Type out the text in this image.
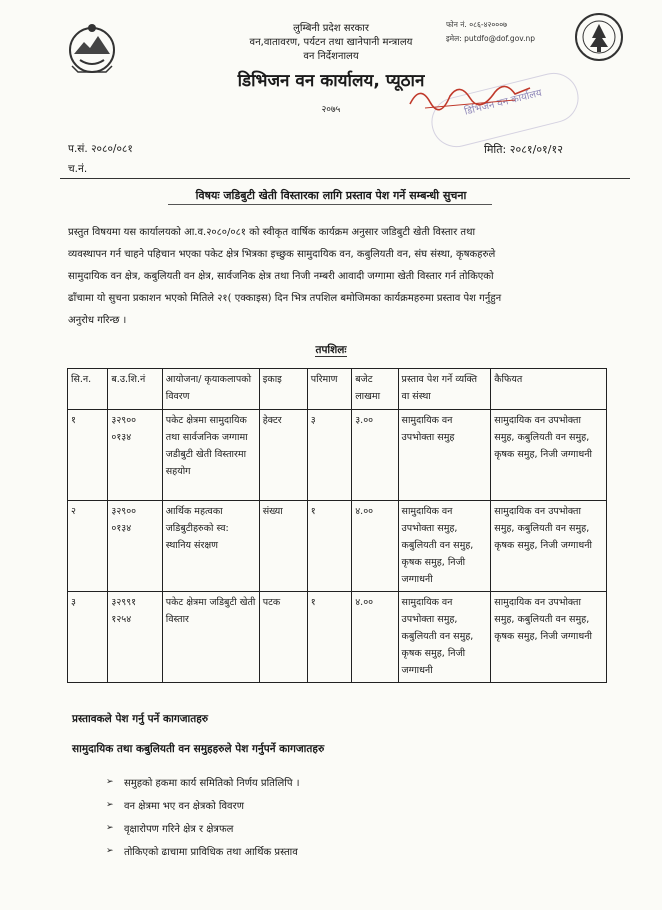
लुम्बिनी प्रदेश सरकार
वन,वातावरण, पर्यटन तथा खानेपानी मन्त्रालय
वन निर्देशनालय
डिभिजन वन कार्यालय, प्यूठान
२०७५
फोन नं. ०८६-४२०००७
इमेल: putdfo@dof.gov.np
डिभिजन वन कार्यालय
प.सं. २०८०/०८१
च.नं.
मिति: २०८१/०१/१२
विषयः जडिबुटी खेती विस्तारका लागि प्रस्ताव पेश गर्ने सम्बन्धी सुचना
प्रस्तुत विषयमा यस कार्यालयको आ.व.२०८०/०८१ को स्वीकृत वार्षिक कार्यक्रम अनुसार जडिबुटी खेती विस्तार तथा
व्यवस्थापन गर्न चाहने पहिचान भएका पकेट क्षेत्र भित्रका इच्छुक सामुदायिक वन, कबुलियती वन, संघ संस्था, कृषकहरुले
सामुदायिक वन क्षेत्र, कबुलियती वन क्षेत्र, सार्वजनिक क्षेत्र तथा निजी नम्बरी आवादी जग्गामा खेती विस्तार गर्न तोकिएको
ढाँचामा यो सुचना प्रकाशन भएको मितिले २१( एक्काइस) दिन भित्र तपशिल बमोजिमका कार्यक्रमहरुमा प्रस्ताव पेश गर्नुहुन
अनुरोध गरिन्छ ।
तपशिलः
सि.न.	ब.उ.शि.नं	आयोजना/ कृयाकलापको विवरण	इकाइ	परिमाण	बजेट लाखमा	प्रस्ताव पेश गर्ने व्यक्ति वा संस्था	कैफियत
१	३२९०० ०१३४	पकेट क्षेत्रमा सामुदायिक तथा सार्वजनिक जग्गामा जडीबुटी खेती विस्तारमा सहयोग	हेक्टर	३	३.००	सामुदायिक वन उपभोक्ता समुह	सामुदायिक वन उपभोक्ता समुह, कबुलियती वन समुह, कृषक समुह, निजी जग्गाधनी
२	३२९०० ०१३४	आर्थिक महत्वका जडिबुटीहरुको स्व: स्थानिय संरक्षण	संख्या	१	४.००	सामुदायिक वन उपभोक्ता समुह, कबुलियती वन समुह, कृषक समुह, निजी जग्गाधनी	सामुदायिक वन उपभोक्ता समुह, कबुलियती वन समुह, कृषक समुह, निजी जग्गाधनी
३	३२९९१ १२५४	पकेट क्षेत्रमा जडिबुटी खेती विस्तार	पटक	१	४.००	सामुदायिक वन उपभोक्ता समुह, कबुलियती वन समुह, कृषक समुह, निजी जग्गाधनी	सामुदायिक वन उपभोक्ता समुह, कबुलियती वन समुह, कृषक समुह, निजी जग्गाधनी
प्रस्तावकले पेश गर्नु पर्ने कागजातहरु
सामुदायिक तथा कबुलियती वन समुहहरुले पेश गर्नुपर्ने कागजातहरु
➢	समुहको हकमा कार्य समितिको निर्णय प्रतिलिपि ।
➢	वन क्षेत्रमा भए वन क्षेत्रको विवरण
➢	वृक्षारोपण गरिने क्षेत्र र क्षेत्रफल
➢	तोकिएको ढाचामा प्राविधिक तथा आर्थिक प्रस्ताव
